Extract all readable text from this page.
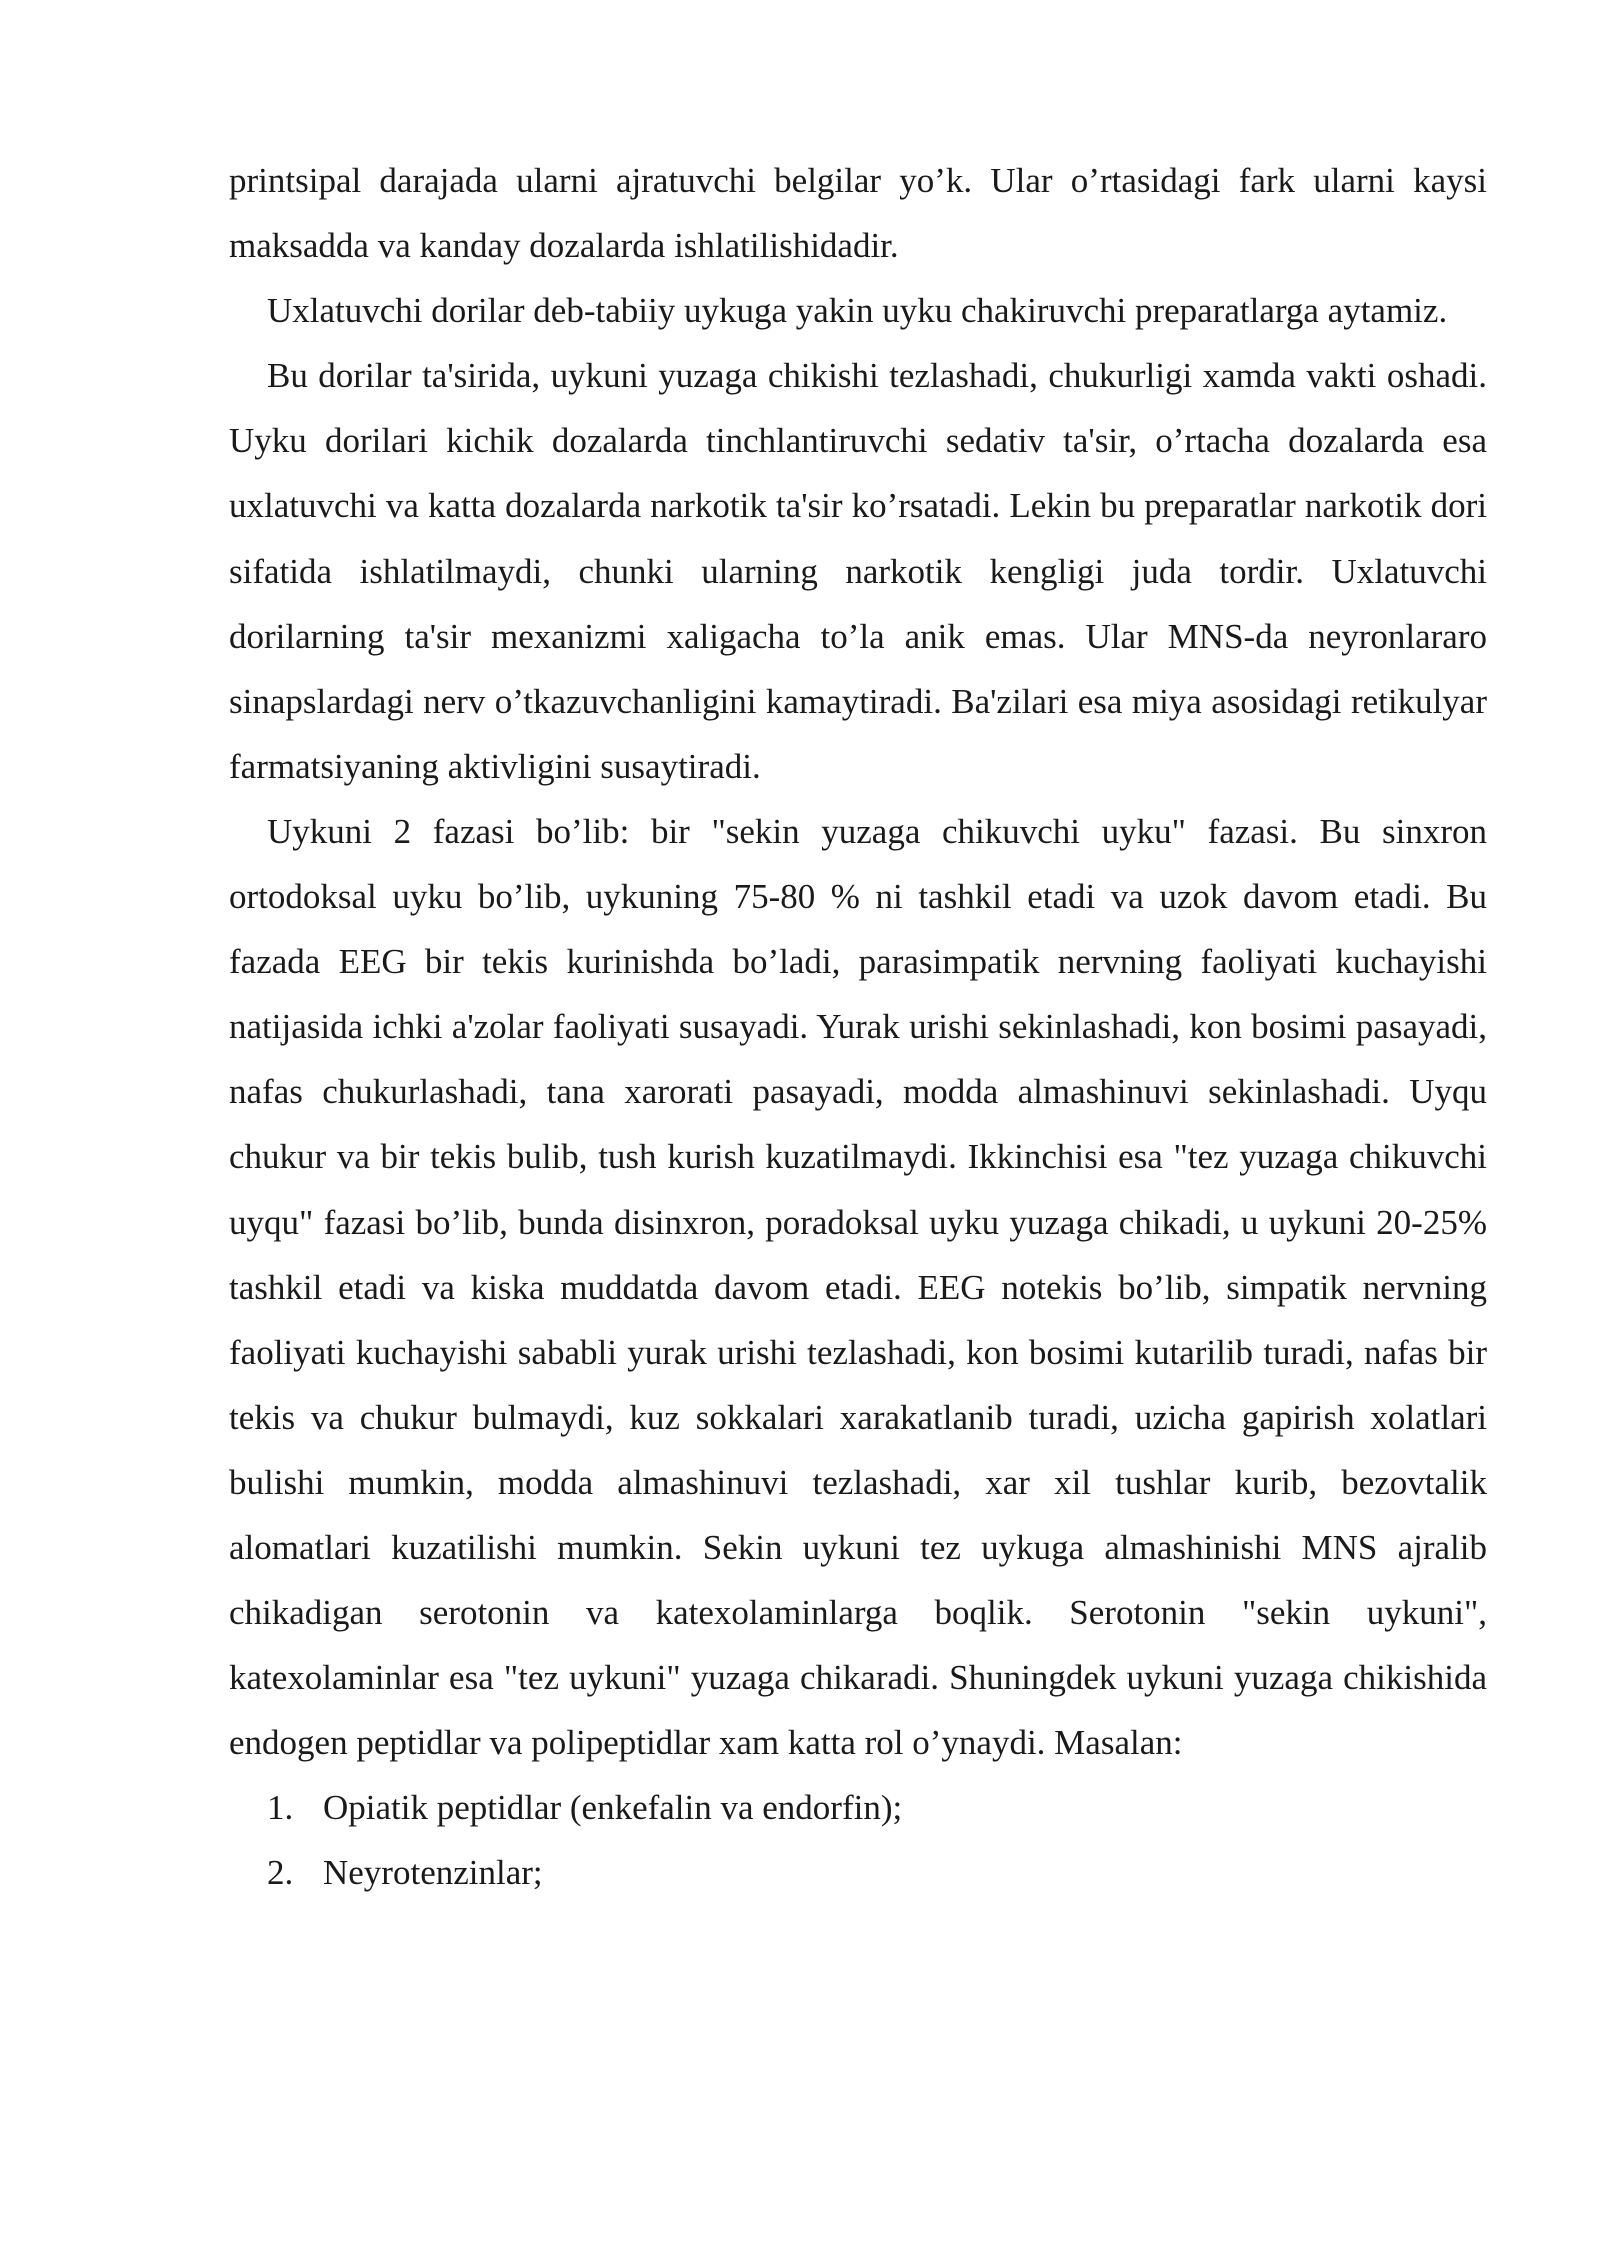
printsipal darajada ularni ajratuvchi belgilar yo’k. Ular o’rtasidagi fark ularni kaysi maksadda va kanday dozalarda ishlatilishidadir.

Uxlatuvchi dorilar deb-tabiiy uykuga yakin uyku chakiruvchi preparatlarga aytamiz.

Bu dorilar ta'sirida, uykuni yuzaga chikishi tezlashadi, chukurligi xamda vakti oshadi. Uyku dorilari kichik dozalarda tinchlantiruvchi sedativ ta'sir, o’rtacha dozalarda esa uxlatuvchi va katta dozalarda narkotik ta'sir ko’rsatadi. Lekin bu preparatlar narkotik dori sifatida ishlatilmaydi, chunki ularning narkotik kengligi juda tordir. Uxlatuvchi dorilarning ta'sir mexanizmi xaligacha to’la anik emas. Ular MNS-da neyronlararo sinapslardagi nerv o’tkazuvchanligini kamaytiradi. Ba'zilari esa miya asosidagi retikulyar farmatsiyaning aktivligini susaytiradi.

Uykuni 2 fazasi bo’lib: bir "sekin yuzaga chikuvchi uyku" fazasi. Bu sinxron ortodoksal uyku bo’lib, uykuning 75-80 % ni tashkil etadi va uzok davom etadi. Bu fazada EEG bir tekis kurinishda bo’ladi, parasimpatik nervning faoliyati kuchayishi natijasida ichki a'zolar faoliyati susayadi. Yurak urishi sekinlashadi, kon bosimi pasayadi, nafas chukurlashadi, tana xarorati pasayadi, modda almashinuvi sekinlashadi. Uyqu chukur va bir tekis bulib, tush kurish kuzatilmaydi. Ikkinchisi esa "tez yuzaga chikuvchi uyqu" fazasi bo’lib, bunda disinxron, poradoksal uyku yuzaga chikadi, u uykuni 20-25% tashkil etadi va kiska muddatda davom etadi. EEG notekis bo’lib, simpatik nervning faoliyati kuchayishi sababli yurak urishi tezlashadi, kon bosimi kutarilib turadi, nafas bir tekis va chukur bulmaydi, kuz sokkalari xarakatlanib turadi, uzicha gapirish xolatlari bulishi mumkin, modda almashinuvi tezlashadi, xar xil tushlar kurib, bezovtalik alomatlari kuzatilishi mumkin. Sekin uykuni tez uykuga almashinishi MNS ajralib chikadigan serotonin va katexolaminlarga boqlik. Serotonin "sekin uykuni", katexolaminlar esa "tez uykuni" yuzaga chikaradi. Shuningdek uykuni yuzaga chikishida endogen peptidlar va polipeptidlar xam katta rol o’ynaydi. Masalan:

1. Opiatik peptidlar (enkefalin va endorfin);
2. Neyrotenzinlar;
